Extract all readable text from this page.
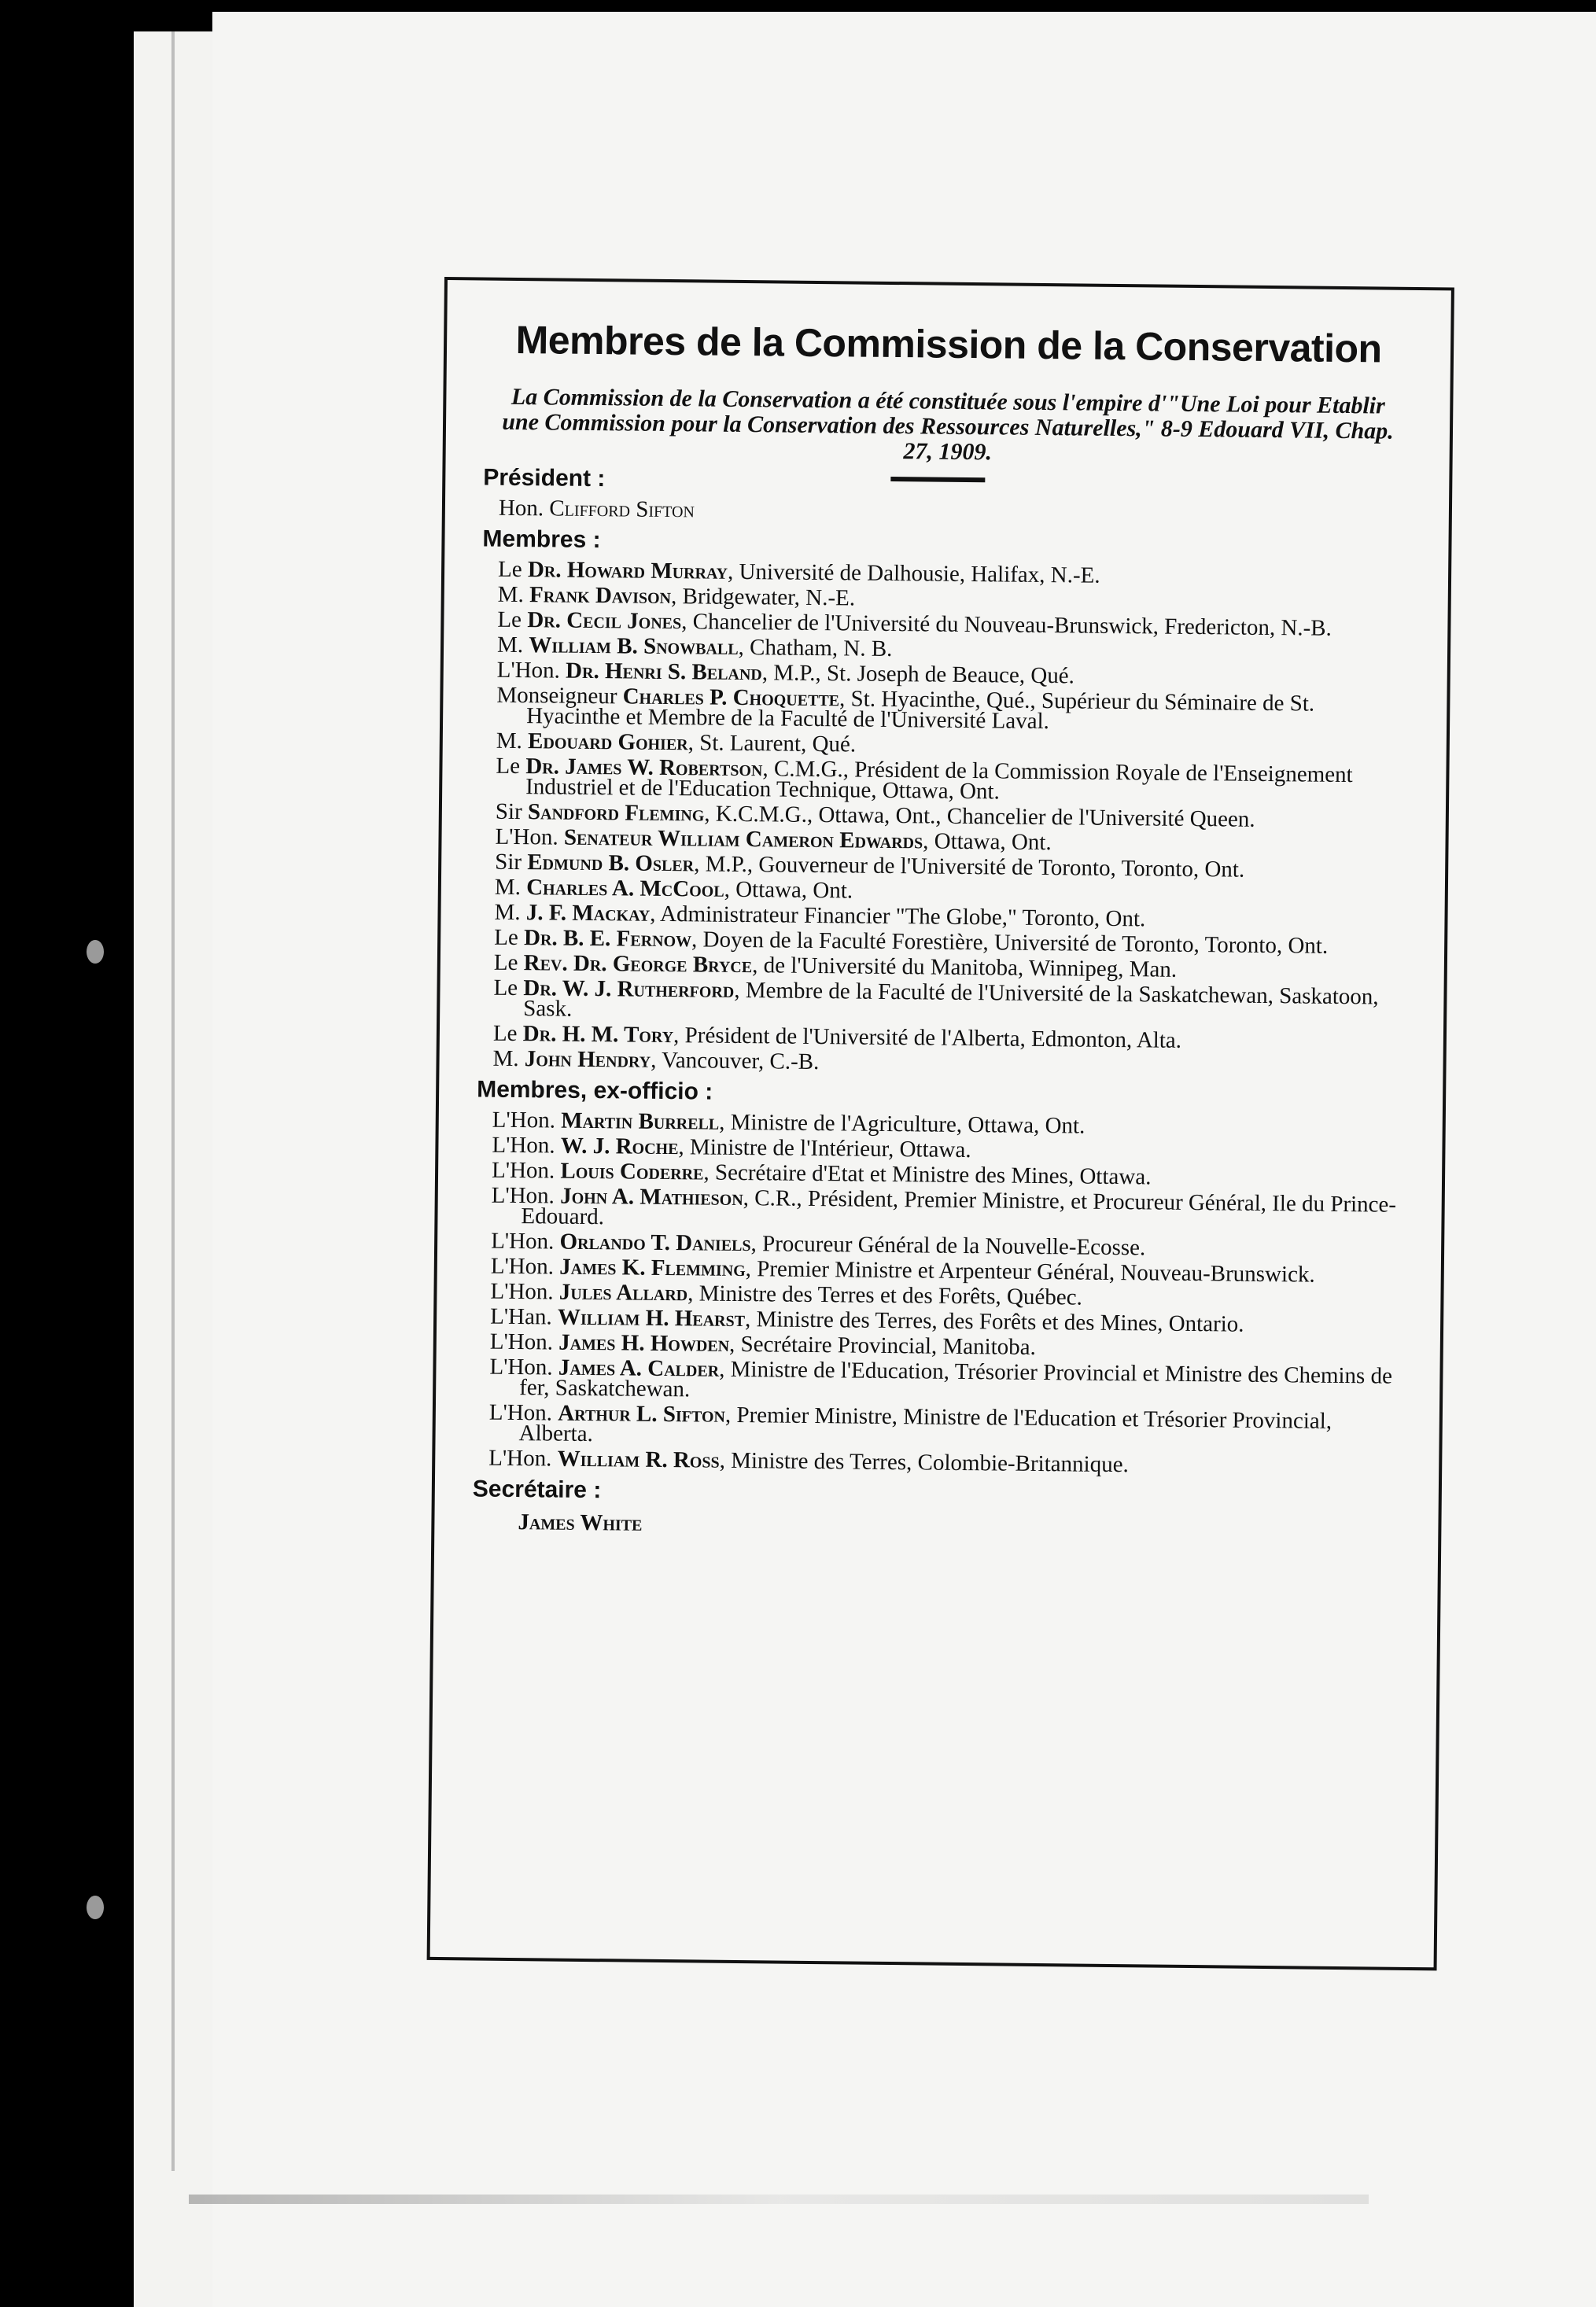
Membres de la Commission de la Conservation

La Commission de la Conservation a été constituée sous l'empire d'"Une Loi pour Etablir une Commission pour la Conservation des Ressources Naturelles," 8-9 Edouard VII, Chap. 27, 1909.

Président :

Hon. Clifford Sifton

Membres :

Le Dr. Howard Murray, Université de Dalhousie, Halifax, N.-E.

M. Frank Davison, Bridgewater, N.-E.

Le Dr. Cecil Jones, Chancelier de l'Université du Nouveau-Brunswick, Fredericton, N.-B.

M. William B. Snowball, Chatham, N. B.

L'Hon. Dr. Henri S. Beland, M.P., St. Joseph de Beauce, Qué.

Monseigneur Charles P. Choquette, St. Hyacinthe, Qué., Supérieur du Séminaire de St. Hyacinthe et Membre de la Faculté de l'Université Laval.

M. Edouard Gohier, St. Laurent, Qué.

Le Dr. James W. Robertson, C.M.G., Président de la Commission Royale de l'Enseignement Industriel et de l'Education Technique, Ottawa, Ont.

Sir Sandford Fleming, K.C.M.G., Ottawa, Ont., Chancelier de l'Université Queen.

L'Hon. Senateur William Cameron Edwards, Ottawa, Ont.

Sir Edmund B. Osler, M.P., Gouverneur de l'Université de Toronto, Toronto, Ont.

M. Charles A. McCool, Ottawa, Ont.

M. J. F. Mackay, Administrateur Financier "The Globe," Toronto, Ont.

Le Dr. B. E. Fernow, Doyen de la Faculté Forestière, Université de Toronto, Toronto, Ont.

Le Rev. Dr. George Bryce, de l'Université du Manitoba, Winnipeg, Man.

Le Dr. W. J. Rutherford, Membre de la Faculté de l'Université de la Saskatchewan, Saskatoon, Sask.

Le Dr. H. M. Tory, Président de l'Université de l'Alberta, Edmonton, Alta.

M. John Hendry, Vancouver, C.-B.

Membres, ex-officio :

L'Hon. Martin Burrell, Ministre de l'Agriculture, Ottawa, Ont.

L'Hon. W. J. Roche, Ministre de l'Intérieur, Ottawa.

L'Hon. Louis Coderre, Secrétaire d'Etat et Ministre des Mines, Ottawa.

L'Hon. John A. Mathieson, C.R., Président, Premier Ministre, et Procureur Général, Ile du Prince-Edouard.

L'Hon. Orlando T. Daniels, Procureur Général de la Nouvelle-Ecosse.

L'Hon. James K. Flemming, Premier Ministre et Arpenteur Général, Nouveau-Brunswick.

L'Hon. Jules Allard, Ministre des Terres et des Forêts, Québec.

L'Han. William H. Hearst, Ministre des Terres, des Forêts et des Mines, Ontario.

L'Hon. James H. Howden, Secrétaire Provincial, Manitoba.

L'Hon. James A. Calder, Ministre de l'Education, Trésorier Provincial et Ministre des Chemins de fer, Saskatchewan.

L'Hon. Arthur L. Sifton, Premier Ministre, Ministre de l'Education et Trésorier Provincial, Alberta.

L'Hon. William R. Ross, Ministre des Terres, Colombie-Britannique.

Secrétaire :
James White
